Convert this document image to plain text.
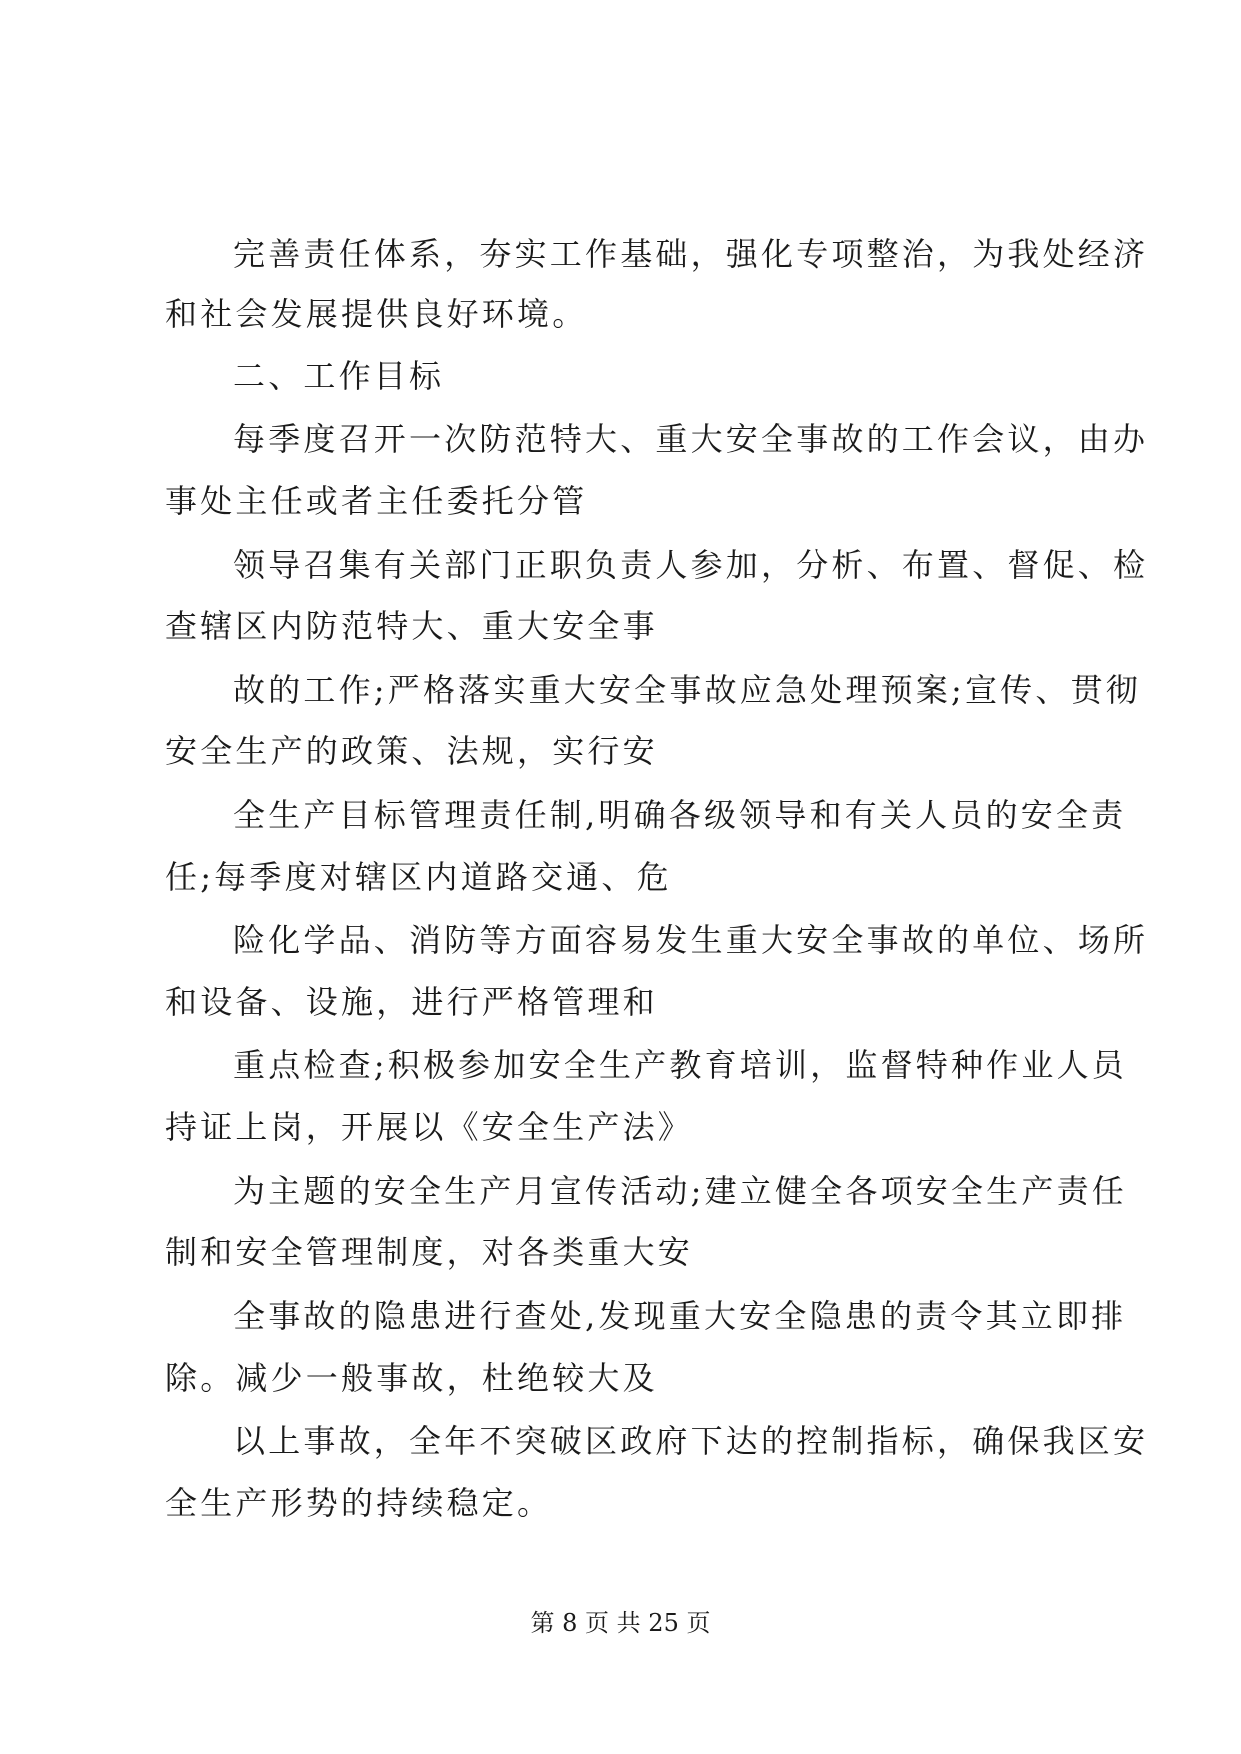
完善责任体系，夯实工作基础，强化专项整治，为我处经济
和社会发展提供良好环境。
二、工作目标
每季度召开一次防范特大、重大安全事故的工作会议，由办
事处主任或者主任委托分管
领导召集有关部门正职负责人参加，分析、布置、督促、检
查辖区内防范特大、重大安全事
故的工作;严格落实重大安全事故应急处理预案;宣传、贯彻
安全生产的政策、法规，实行安
全生产目标管理责任制,明确各级领导和有关人员的安全责
任;每季度对辖区内道路交通、危
险化学品、消防等方面容易发生重大安全事故的单位、场所
和设备、设施，进行严格管理和
重点检查;积极参加安全生产教育培训，监督特种作业人员
持证上岗，开展以《安全生产法》
为主题的安全生产月宣传活动;建立健全各项安全生产责任
制和安全管理制度，对各类重大安
全事故的隐患进行查处,发现重大安全隐患的责令其立即排
除。减少一般事故，杜绝较大及
以上事故，全年不突破区政府下达的控制指标，确保我区安
全生产形势的持续稳定。
第 8 页 共 25 页
